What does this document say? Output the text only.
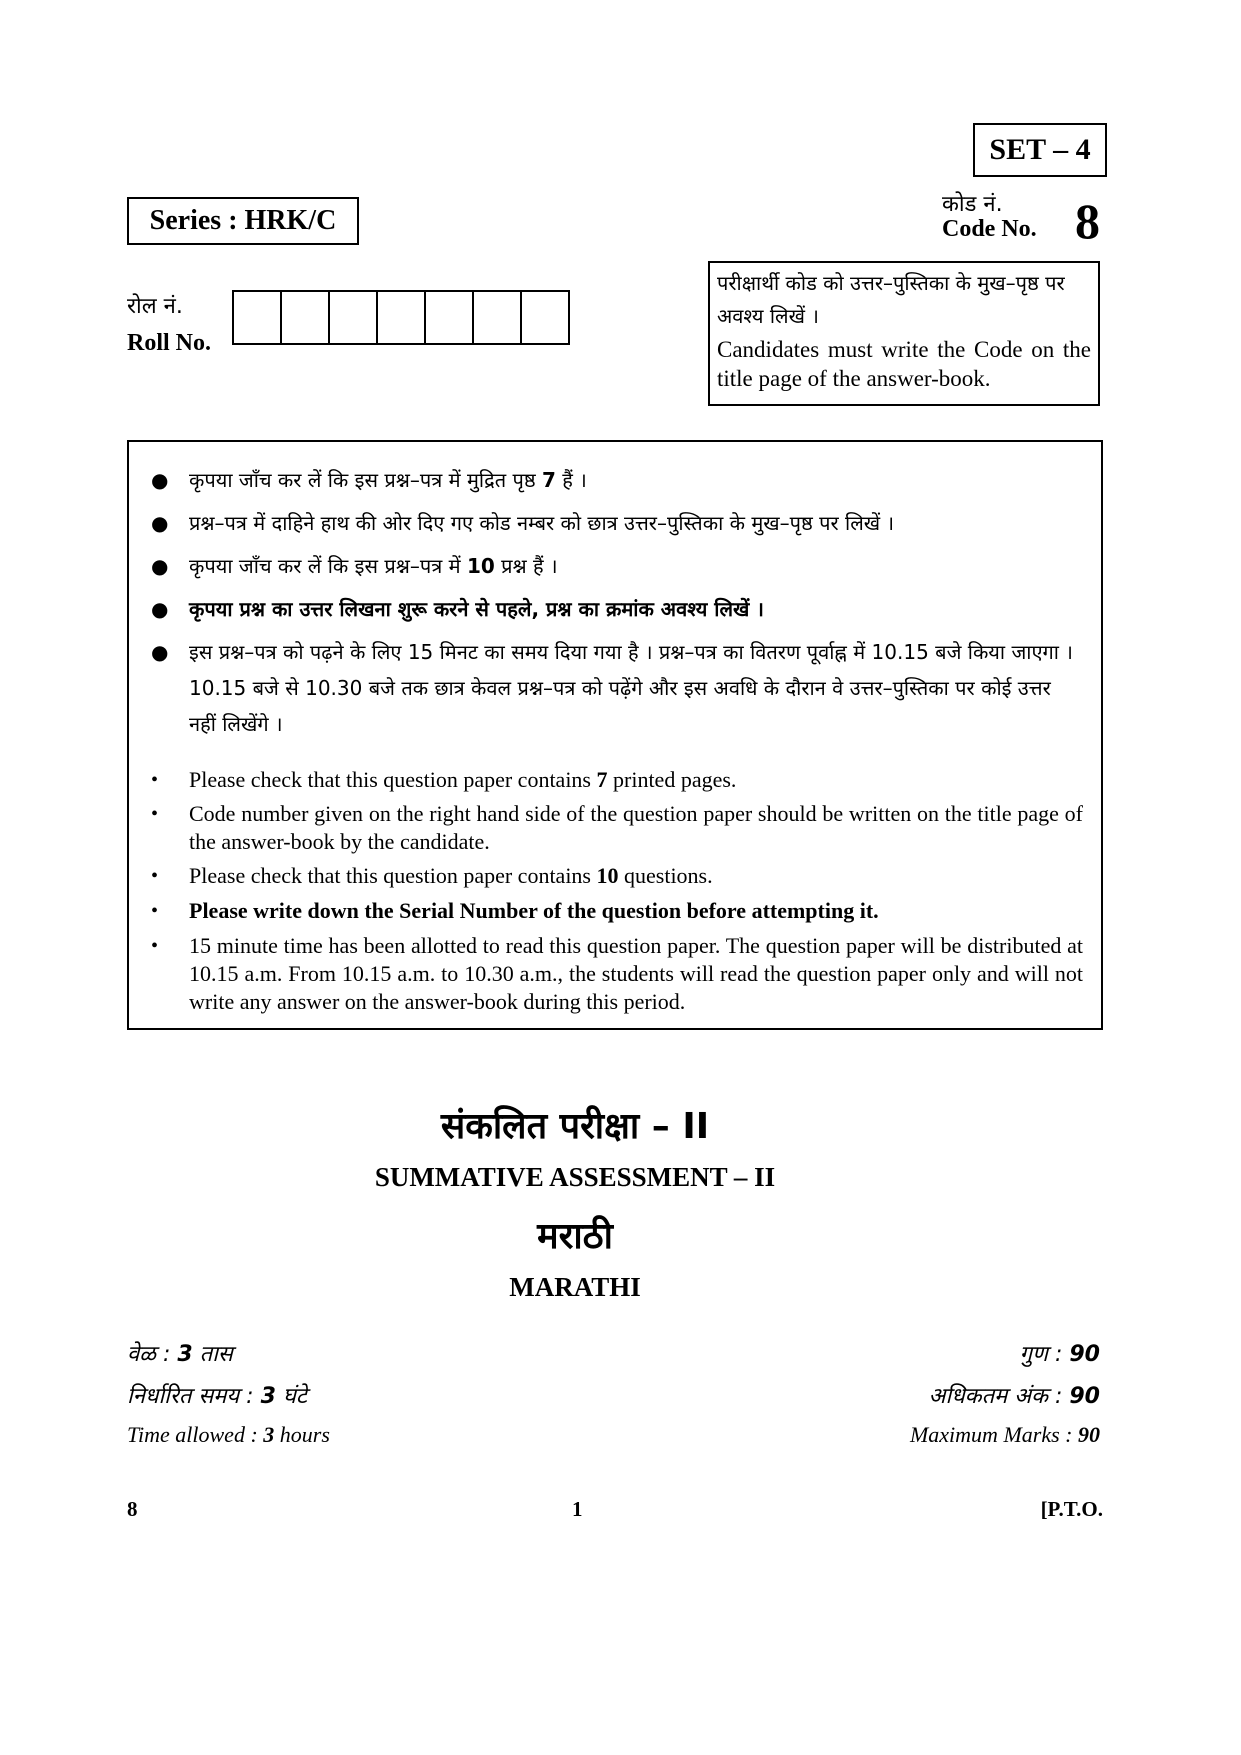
SET – 4
कोड नं.
Code No. 8
Series : HRK/C
रोल नं.
Roll No.
परीक्षार्थी कोड को उत्तर–पुस्तिका के मुख–पृष्ठ पर अवश्य लिखें ।
Candidates must write the Code on the title page of the answer-book.
● कृपया जाँच कर लें कि इस प्रश्न–पत्र में मुद्रित पृष्ठ 7 हैं ।
● प्रश्न–पत्र में दाहिने हाथ की ओर दिए गए कोड नम्बर को छात्र उत्तर–पुस्तिका के मुख–पृष्ठ पर लिखें ।
● कृपया जाँच कर लें कि इस प्रश्न–पत्र में 10 प्रश्न हैं ।
● कृपया प्रश्न का उत्तर लिखना शुरू करने से पहले, प्रश्न का क्रमांक अवश्य लिखें ।
● इस प्रश्न–पत्र को पढ़ने के लिए 15 मिनट का समय दिया गया है । प्रश्न–पत्र का वितरण पूर्वाह्न में 10.15 बजे किया जाएगा । 10.15 बजे से 10.30 बजे तक छात्र केवल प्रश्न–पत्र को पढ़ेंगे और इस अवधि के दौरान वे उत्तर–पुस्तिका पर कोई उत्तर नहीं लिखेंगे ।
• Please check that this question paper contains 7 printed pages.
• Code number given on the right hand side of the question paper should be written on the title page of the answer-book by the candidate.
• Please check that this question paper contains 10 questions.
• Please write down the Serial Number of the question before attempting it.
• 15 minute time has been allotted to read this question paper. The question paper will be distributed at 10.15 a.m. From 10.15 a.m. to 10.30 a.m., the students will read the question paper only and will not write any answer on the answer-book during this period.
संकलित परीक्षा – II
SUMMATIVE ASSESSMENT – II
मराठी
MARATHI
वेळ : 3 तास
निर्धारित समय : 3 घंटे
Time allowed : 3 hours
गुण : 90
अधिकतम अंक : 90
Maximum Marks : 90
8	1	[P.T.O.
